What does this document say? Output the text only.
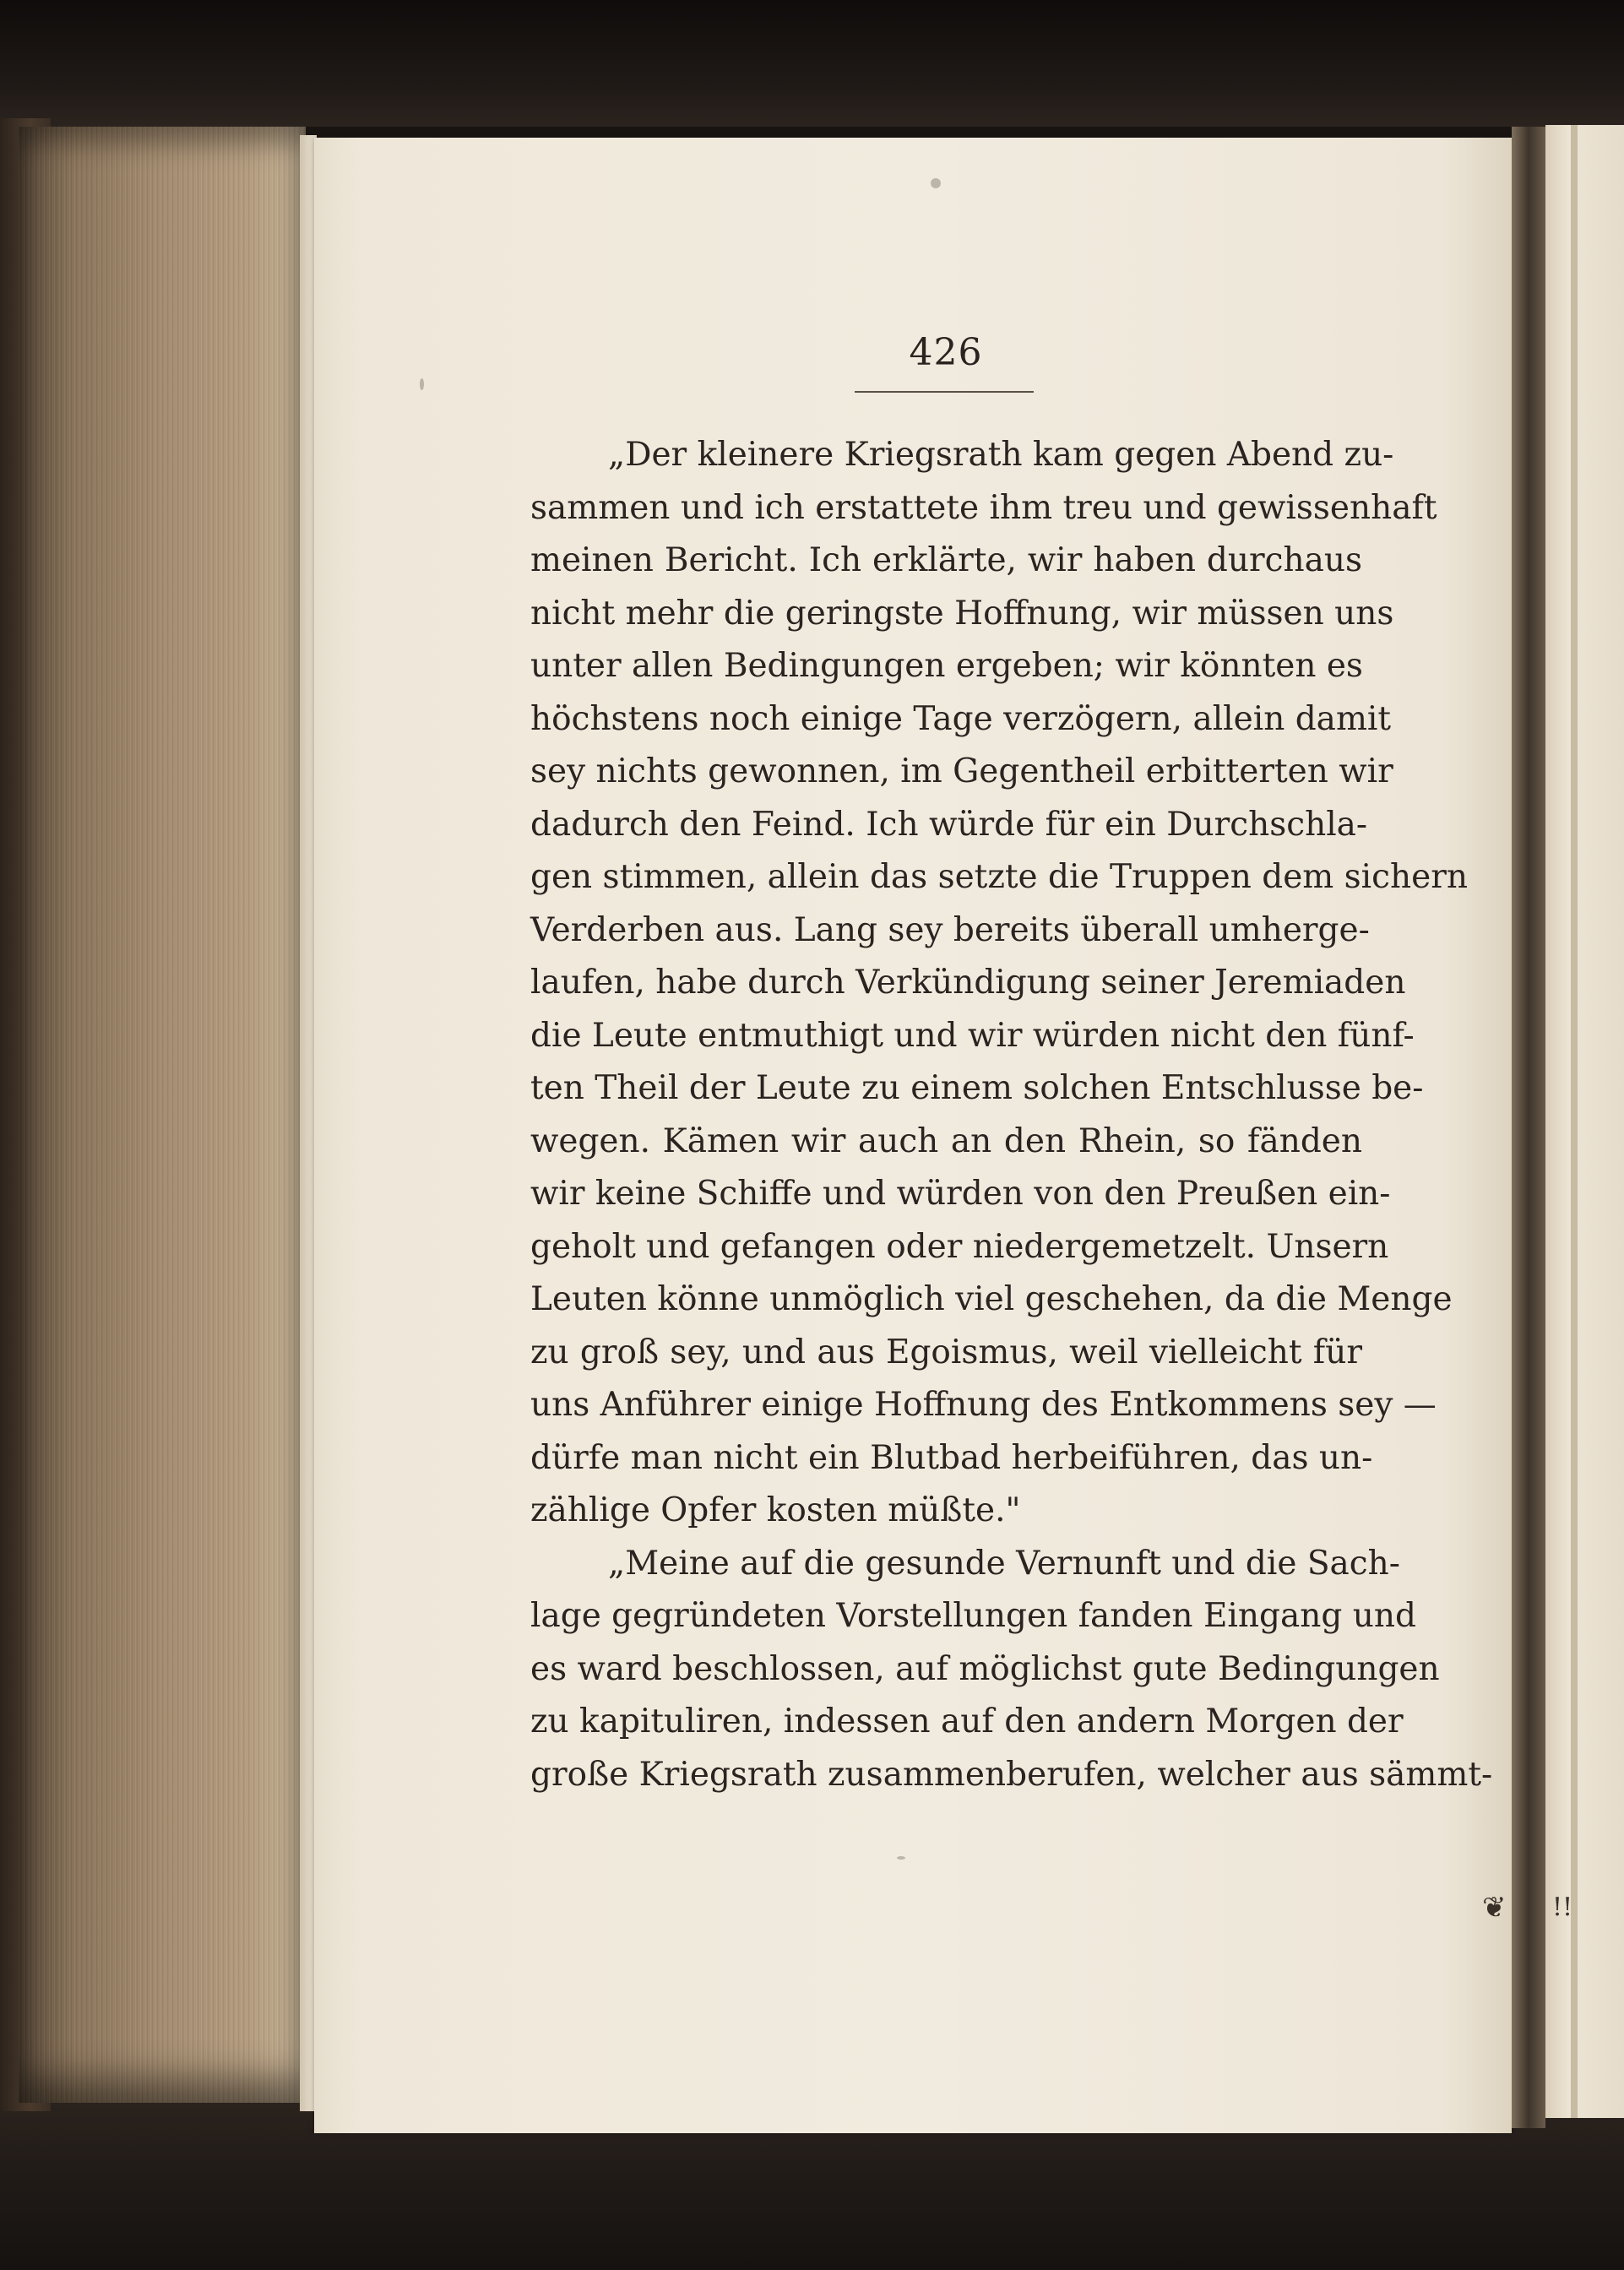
426
„Der kleinere Kriegsrath kam gegen Abend zu-
sammen und ich erstattete ihm treu und gewissenhaft
meinen Bericht. Ich erklärte, wir haben durchaus
nicht mehr die geringste Hoffnung, wir müssen uns
unter allen Bedingungen ergeben; wir könnten es
höchstens noch einige Tage verzögern, allein damit
sey nichts gewonnen, im Gegentheil erbitterten wir
dadurch den Feind. Ich würde für ein Durchschla-
gen stimmen, allein das setzte die Truppen dem sichern
Verderben aus. Lang sey bereits überall umherge-
laufen, habe durch Verkündigung seiner Jeremiaden
die Leute entmuthigt und wir würden nicht den fünf-
ten Theil der Leute zu einem solchen Entschlusse be-
wegen. Kämen wir auch an den Rhein, so fänden
wir keine Schiffe und würden von den Preußen ein-
geholt und gefangen oder niedergemetzelt. Unsern
Leuten könne unmöglich viel geschehen, da die Menge
zu groß sey, und aus Egoismus, weil vielleicht für
uns Anführer einige Hoffnung des Entkommens sey —
dürfe man nicht ein Blutbad herbeiführen, das un-
zählige Opfer kosten müßte."
„Meine auf die gesunde Vernunft und die Sach-
lage gegründeten Vorstellungen fanden Eingang und
es ward beschlossen, auf möglichst gute Bedingungen
zu kapituliren, indessen auf den andern Morgen der
große Kriegsrath zusammenberufen, welcher aus sämmt-
❦ !!
